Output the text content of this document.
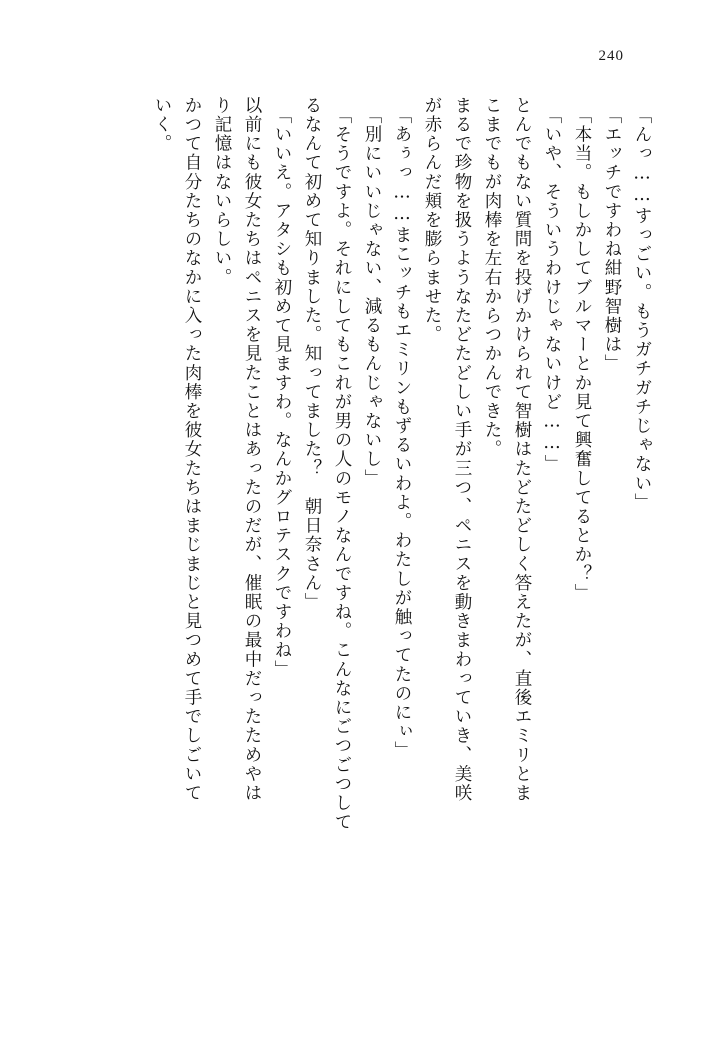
240
「んっ……すっごい。もうガチガチじゃない」
「エッチですわね紺野智樹は」
「本当。もしかしてブルマーとか見て興奮してるとか？」
「いや、そういうわけじゃないけど……」
とんでもない質問を投げかけられて智樹はたどたどしく答えたが、直後エミリとま
こまでもが肉棒を左右からつかんできた。
まるで珍物を扱うようなたどたどしい手が三つ、ペニスを動きまわっていき、美咲
が赤らんだ頬を膨らませた。
「あぅっ……まこッチもエミリンもずるいわよ。わたしが触ってたのにぃ」
「別にいいじゃない、減るもんじゃないし」
「そうですよ。それにしてもこれが男の人のモノなんですね。こんなにごつごつして
るなんて初めて知りました。知ってました？　朝日奈さん」
「いいえ。アタシも初めて見ますわ。なんかグロテスクですわね」
以前にも彼女たちはペニスを見たことはあったのだが、催眠の最中だったためやは
り記憶はないらしい。
かつて自分たちのなかに入った肉棒を彼女たちはまじまじと見つめて手でしごいて
いく。
